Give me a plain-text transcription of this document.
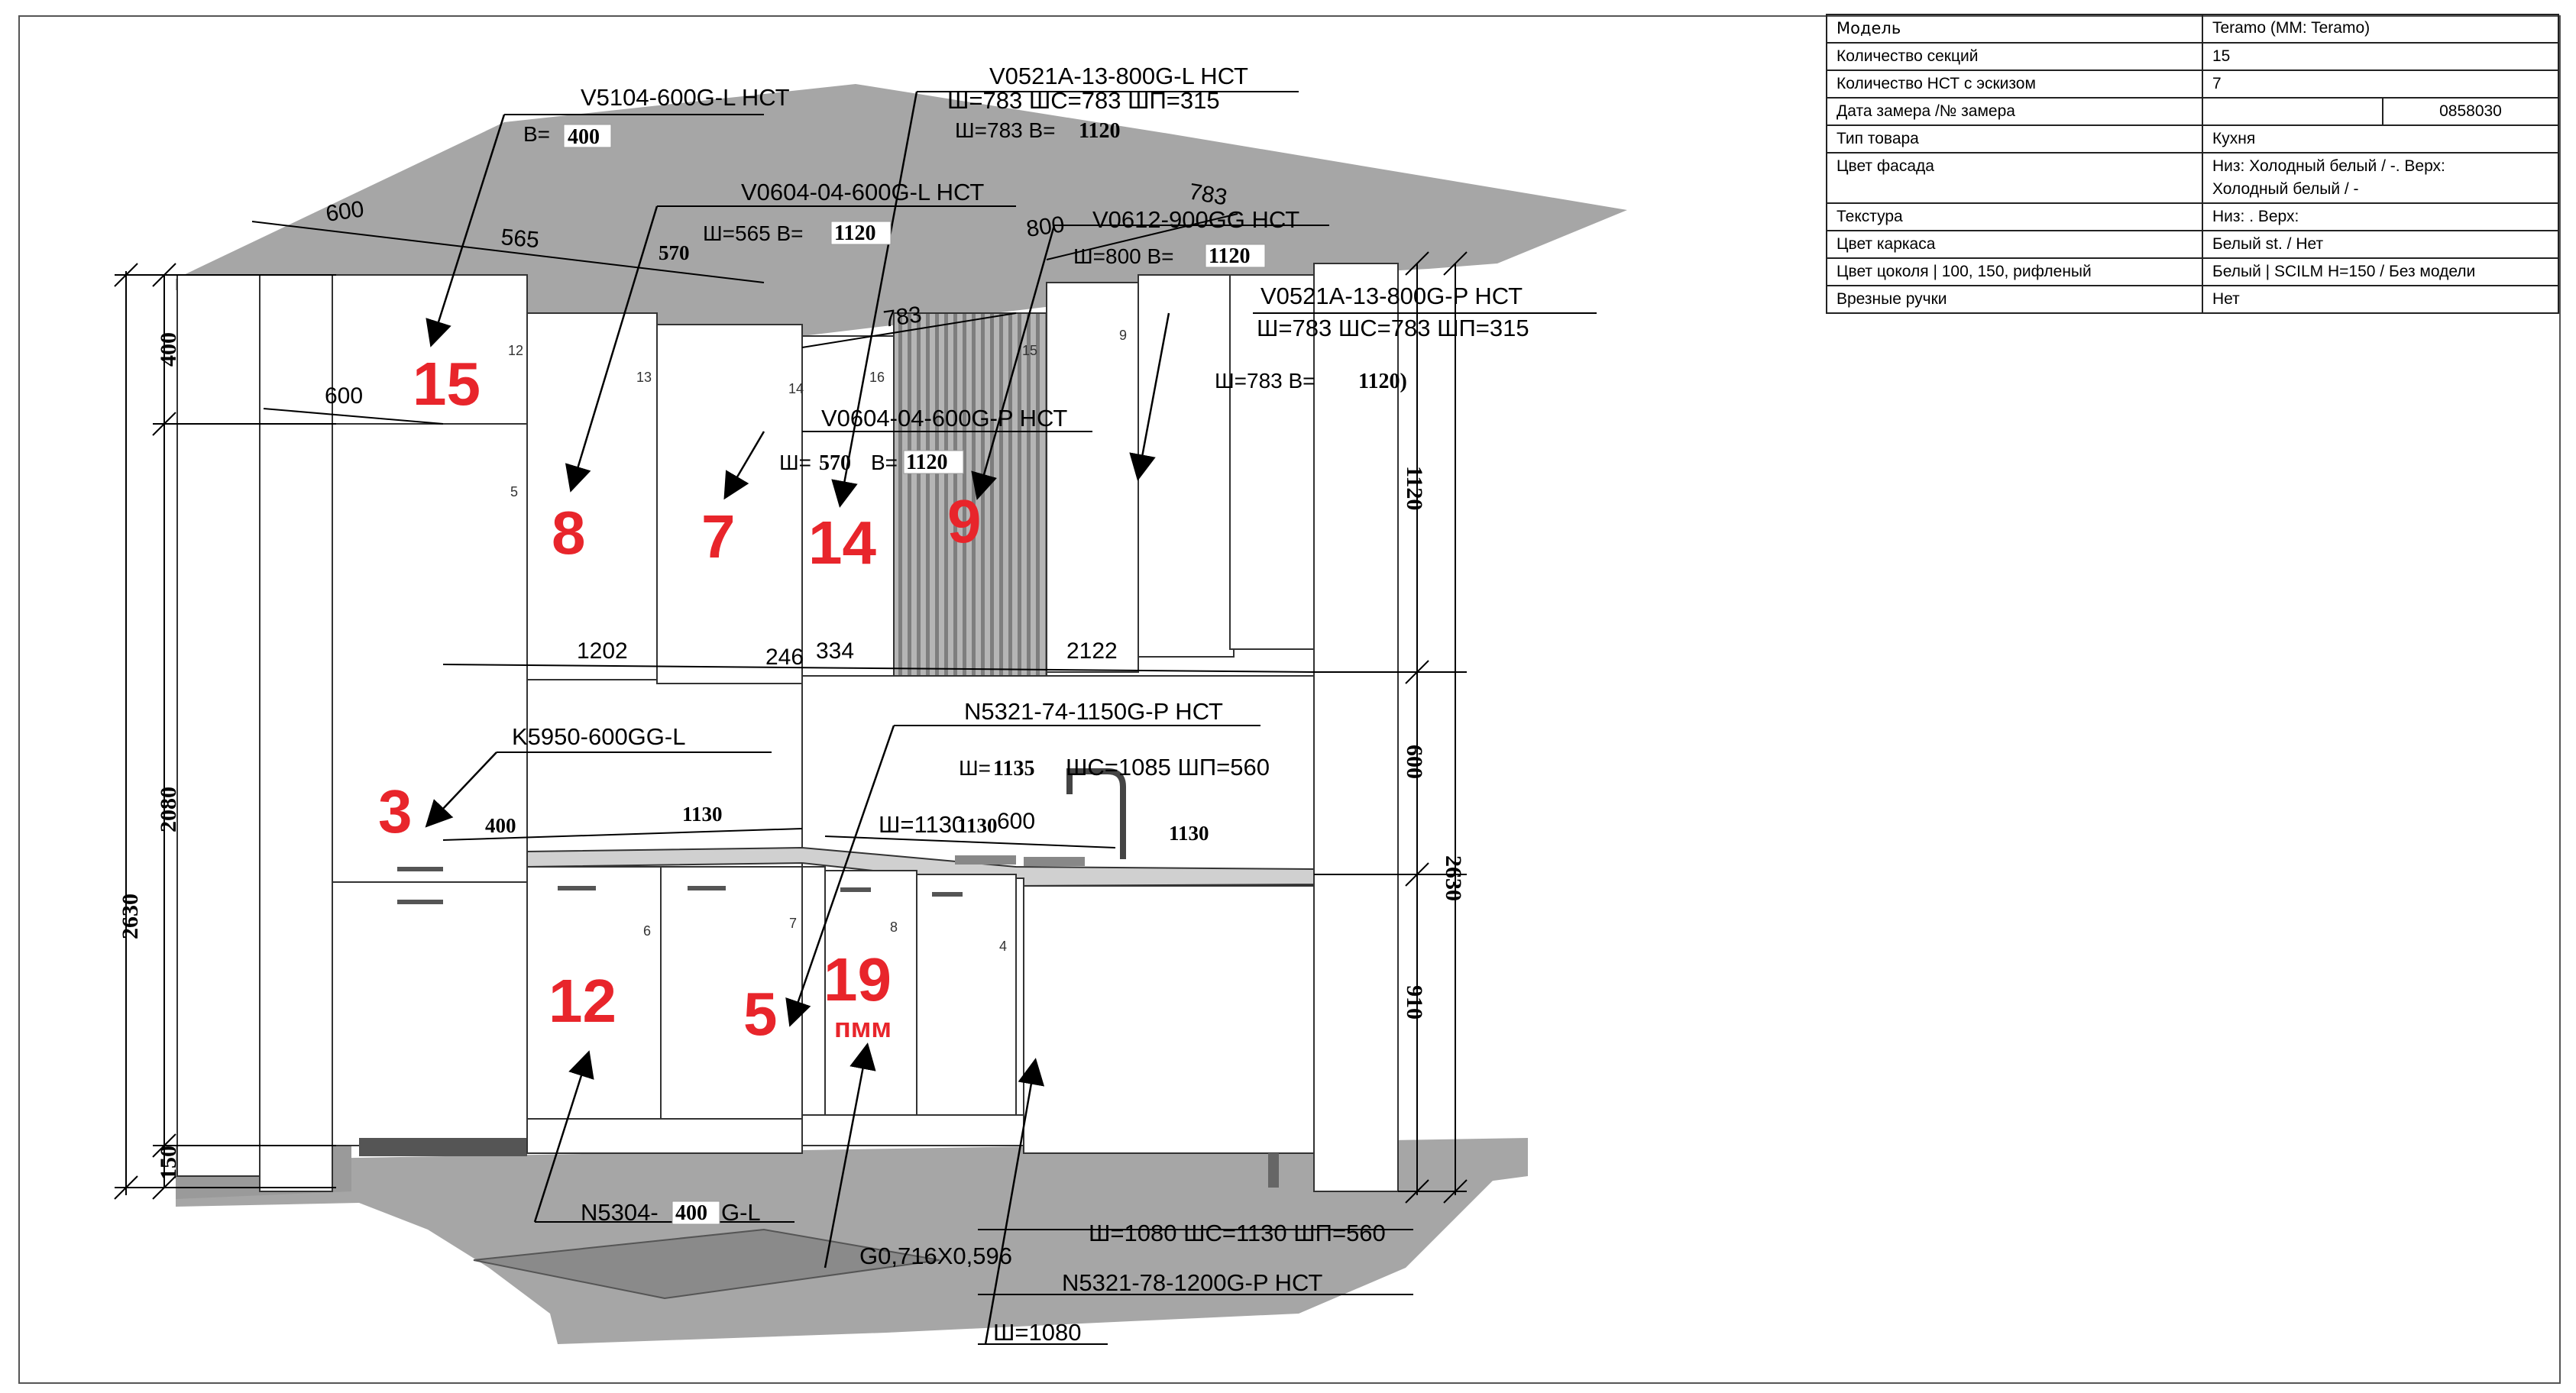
12
5
13
14
16
15
9
6	7	8
4
V5104-600G-L НСТ
V0521A-13-800G-L НСТ
Ш=783 ШС=783 ШП=315
V0604-04-600G-L НСТ
V0612-900GG НСТ
V0521A-13-800G-P НСТ
Ш=783 ШС=783 ШП=315
V0604-04-600G-P НСТ
N5321-74-1150G-P НСТ
K5950-600GG-L
Ш=1080 ШС=1130 ШП=560
N5321-78-1200G-P НСТ
Ш=1080
G0,716X0,596
Ш=1130
ШС=1085 ШП=560
В= 400	Ш=783 В= 1120
Ш=565 В= 1120
Ш=800 В= 1120
Ш=783 В= 1120)
Ш= 570 В= 1120
Ш= 1135
N5304- 400 G-L
600
565	570
783
800
783
600
1202	246 334	2122
400	1130	1130 600	1130
400
2080
2630
150
1120
600
910
2630
15
8 7 14 9
3
12 5
19
пмм
Модель	Teramo (MM: Teramo)	
Количество секций	15	
Количество НСТ с эскизом	7	
Дата замера /№ замера		0858030
Тип товара	Кухня	
Цвет фасада	Низ: Холодный белый / -. Верх:
Холодный белый / -	

Текстура	Низ: . Верх:	
Цвет каркаса	Белый st. / Нет	
Цвет цоколя | 100, 150, рифленый	Белый | SCILM H=150 / Без модели	
Врезные ручки	Нет	
